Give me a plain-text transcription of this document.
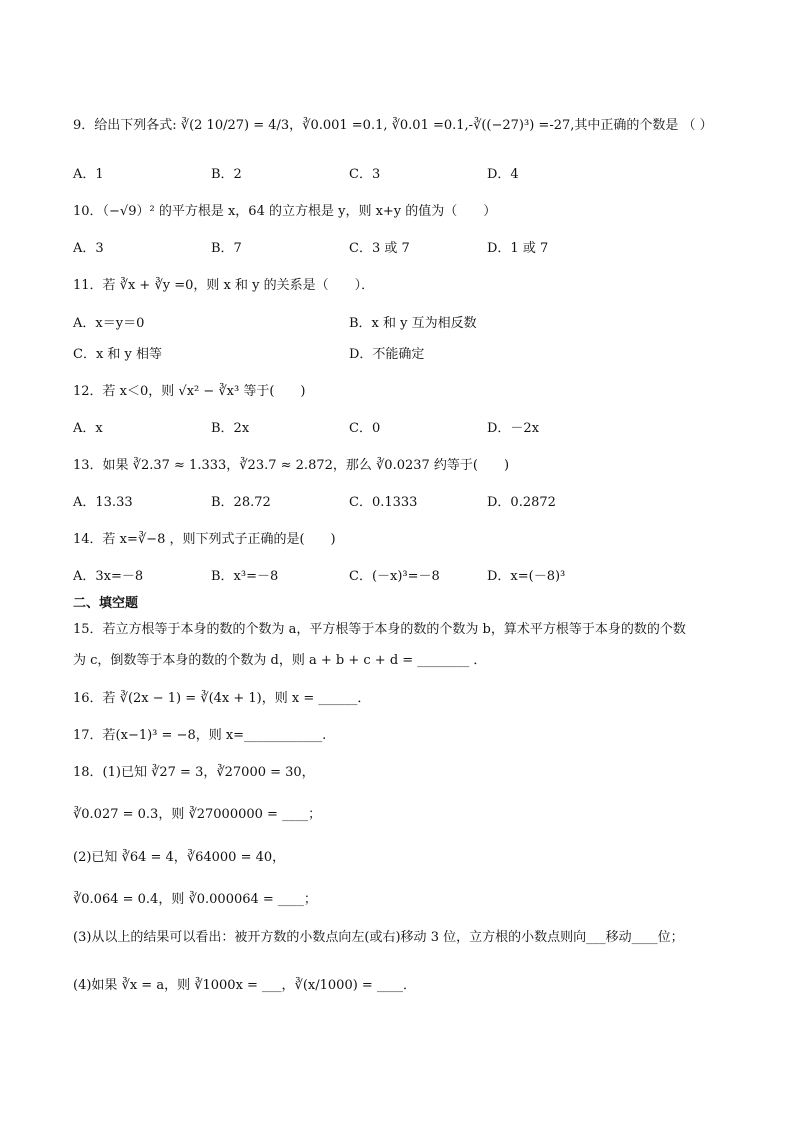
9．给出下列各式: ∛(2 10/27) = 4/3，∛0.001 =0.1, ∛0.01 =0.1,-∛((−27)³) =-27,其中正确的个数是 （ ）
A．1	B．2	C．3	D．4
10．（−√9）² 的平方根是 x，64 的立方根是 y，则 x+y 的值为（　　）
A．3	B．7	C．3 或 7	D．1 或 7
11．若 ∛x + ∛y =0，则 x 和 y 的关系是（　　）．
A．x＝y＝0	B．x 和 y 互为相反数
C．x 和 y 相等	D．不能确定
12．若 x＜0，则 √x² − ∛x³ 等于(　　)
A．x	B．2x	C．0	D．－2x
13．如果 ∛2.37 ≈ 1.333，∛23.7 ≈ 2.872，那么 ∛0.0237 约等于(　　)
A．13.33	B．28.72	C．0.1333	D．0.2872
14．若 x=∛−8 ，则下列式子正确的是(　　)
A．3x=－8	B．x³=－8	C．(－x)³=－8	D．x=(－8)³
二、填空题
15．若立方根等于本身的数的个数为 a，平方根等于本身的数的个数为 b，算术平方根等于本身的数的个数
为 c，倒数等于本身的数的个数为 d，则 a + b + c + d = ________ ．
16．若 ∛(2x − 1) = ∛(4x + 1)，则 x = ______．
17．若(x−1)³ = −8，则 x=____________.
18．(1)已知 ∛27 = 3，∛27000 = 30，
∛0.027 = 0.3，则 ∛27000000 = ____；
(2)已知 ∛64 = 4，∛64000 = 40，
∛0.064 = 0.4，则 ∛0.000064 = ____；
(3)从以上的结果可以看出：被开方数的小数点向左(或右)移动 3 位，立方根的小数点则向___移动____位；
(4)如果 ∛x = a，则 ∛1000x = ___，∛(x/1000) = ____．
